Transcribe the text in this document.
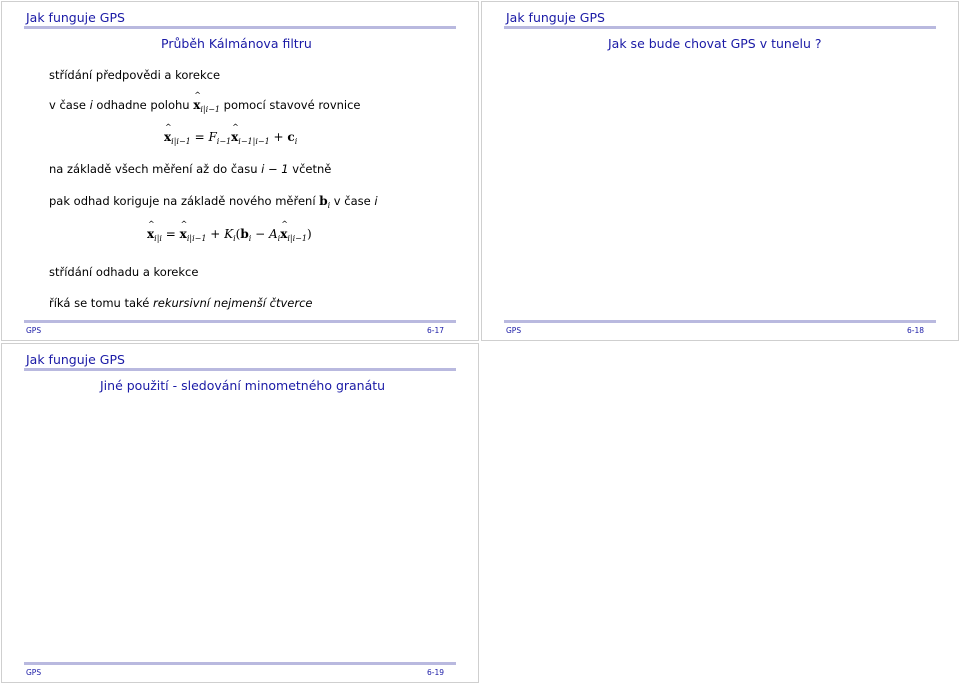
Jak funguje GPS
Průběh Kálmánova filtru
střídání předpovědi a korekce
v čase i odhadne polohu ^ $x_{i|i-1}$ pomocí stavové rovnice
^ $x_{i|i-1}$ = $F_{i-1}\^{}$ $x_{i-1|i-1} + c_i$
na základě všech měření až do času i − 1 včetně
pak odhad koriguje na základě nového měření $b_i$ v čase i
^ $x_{i|i}$ = ^ $x_{i|i-1} + K_i(b_i$ − $A_i\^{}$ $x_{i|i-1}$)
střídání odhadu a korekce
říká se tomu také rekursivní nejmenší čtverce
GPS	6-17
Jak funguje GPS
Jak se bude chovat GPS v tunelu ?
GPS	6-18
Jak funguje GPS
Jiné použití - sledování minometného granátu
GPS	6-19
